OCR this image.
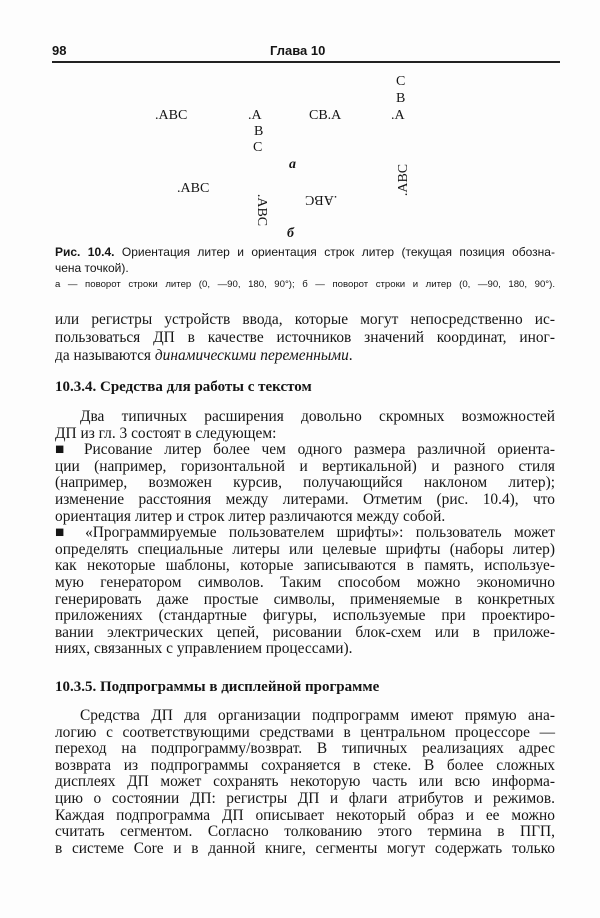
98	Глава 10
.ABC	.A
B
C
CB.A
C
B
.A
а
.ABC
.ABC	.ABC
.ABC
б
Рис. 10.4. Ориентация литер и ориентация строк литер (текущая позиция обозна-
чена точкой).
а — поворот строки литер (0, —90, 180, 90°); б — поворот строки и литер (0, —90, 180, 90°).
или регистры устройств ввода, которые могут непосредственно ис-
пользоваться ДП в качестве источников значений координат, иног-
да называются динамическими переменными.
10.3.4. Средства для работы с текстом
Два типичных расширения довольно скромных возможностей
ДП из гл. 3 состоят в следующем:
■ Рисование литер более чем одного размера различной ориента-
ции (например, горизонтальной и вертикальной) и разного стиля
(например, возможен курсив, получающийся наклоном литер);
изменение расстояния между литерами. Отметим (рис. 10.4), что
ориентация литер и строк литер различаются между собой.
■ «Программируемые пользователем шрифты»: пользователь может
определять специальные литеры или целевые шрифты (наборы литер)
как некоторые шаблоны, которые записываются в память, используе-
мую генератором символов. Таким способом можно экономично
генерировать даже простые символы, применяемые в конкретных
приложениях (стандартные фигуры, используемые при проектиро-
вании электрических цепей, рисовании блок-схем или в приложе-
ниях, связанных с управлением процессами).
10.3.5. Подпрограммы в дисплейной программе
Средства ДП для организации подпрограмм имеют прямую ана-
логию с соответствующими средствами в центральном процессоре —
переход на подпрограмму/возврат. В типичных реализациях адрес
возврата из подпрограммы сохраняется в стеке. В более сложных
дисплеях ДП может сохранять некоторую часть или всю информа-
цию о состоянии ДП: регистры ДП и флаги атрибутов и режимов.
Каждая подпрограмма ДП описывает некоторый образ и ее можно
считать сегментом. Согласно толкованию этого термина в ПГП,
в системе Core и в данной книге, сегменты могут содержать только
